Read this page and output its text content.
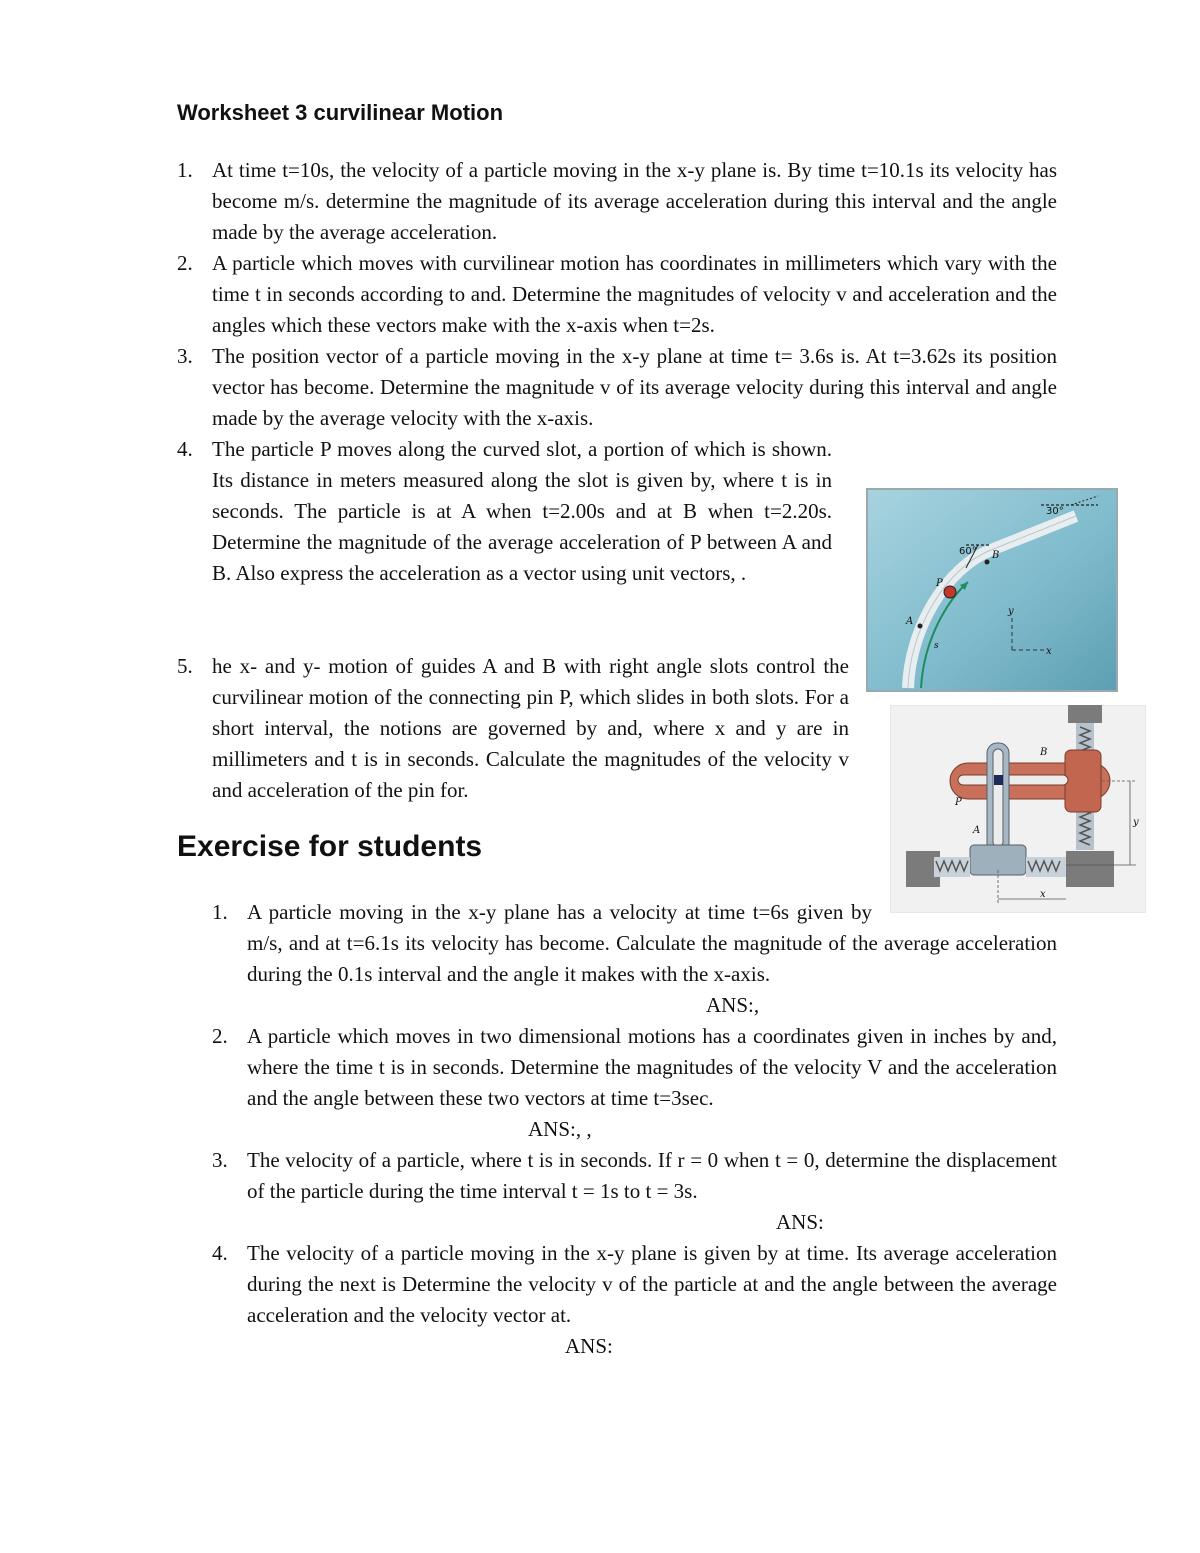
Worksheet 3 curvilinear Motion
1. At time t=10s, the velocity of a particle moving in the x-y plane is. By time t=10.1s its velocity has become m/s. determine the magnitude of its average acceleration during this interval and the angle made by the average acceleration.
2. A particle which moves with curvilinear motion has coordinates in millimeters which vary with the time t in seconds according to and. Determine the magnitudes of velocity v and acceleration and the angles which these vectors make with the x-axis when t=2s.
3. The position vector of a particle moving in the x-y plane at time t= 3.6s is. At t=3.62s its position vector has become. Determine the magnitude v of its average velocity during this interval and angle made by the average velocity with the x-axis.
4. The particle P moves along the curved slot, a portion of which is shown. Its distance in meters measured along the slot is given by, where t is in seconds. The particle is at A when t=2.00s and at B when t=2.20s. Determine the magnitude of the average acceleration of P between A and B. Also express the acceleration as a vector using unit vectors, .
5. he x- and y- motion of guides A and B with right angle slots control the curvilinear motion of the connecting pin P, which slides in both slots. For a short interval, the notions are governed by and, where x and y are in millimeters and t is in seconds. Calculate the magnitudes of the velocity v and acceleration of the pin for.
30°
60° B
P
A
s
y
x
B
P
A
y
x
Exercise for students
1. A particle moving in the x-y plane has a velocity at time t=6s given by m/s, and at t=6.1s its velocity has become. Calculate the magnitude of the average acceleration during the 0.1s interval and the angle it makes with the x-axis.
ANS:,
2. A particle which moves in two dimensional motions has a coordinates given in inches by and, where the time t is in seconds. Determine the magnitudes of the velocity V and the acceleration and the angle between these two vectors at time t=3sec.
ANS:, ,
3. The velocity of a particle, where t is in seconds. If r = 0 when t = 0, determine the displacement of the particle during the time interval t = 1s to t = 3s.
ANS:
4. The velocity of a particle moving in the x-y plane is given by at time. Its average acceleration during the next is Determine the velocity v of the particle at and the angle between the average acceleration and the velocity vector at.
ANS:
